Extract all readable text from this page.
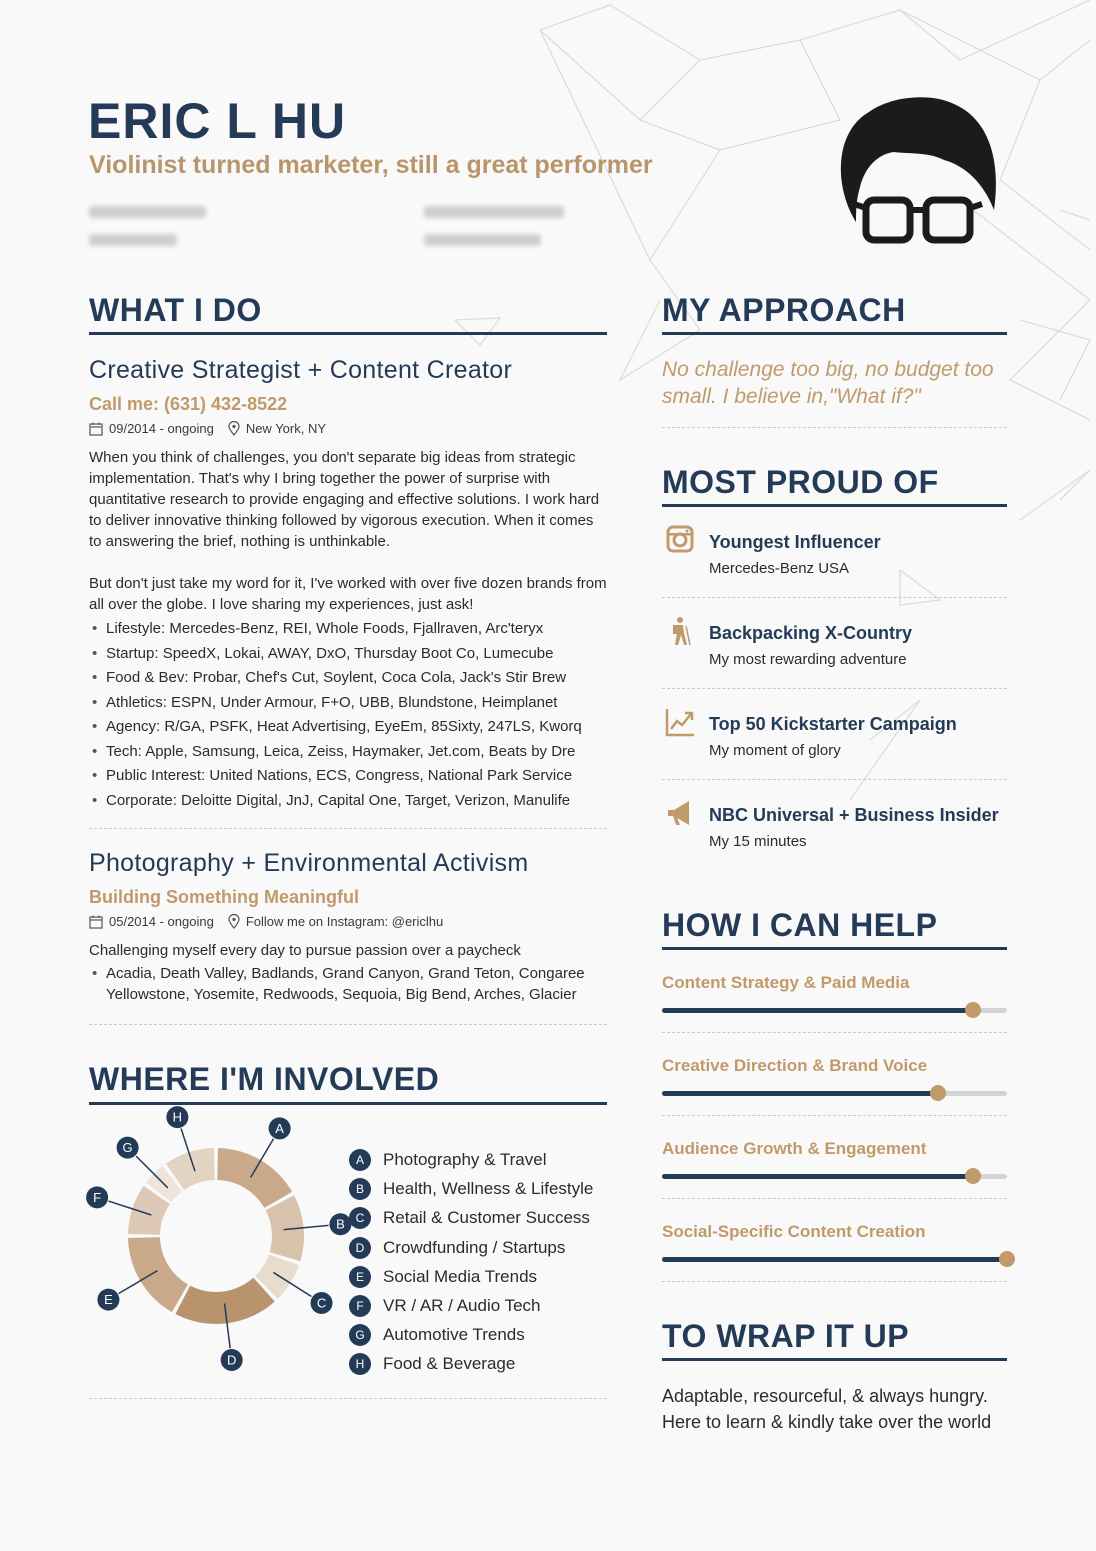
ERIC L HU
Violinist turned marketer, still a great performer
WHAT I DO
Creative Strategist + Content Creator
Call me: (631) 432-8522
09/2014 - ongoing New York, NY

When you think of challenges, you don't separate big ideas from strategic implementation. That's why I bring together the power of surprise with quantitative research to provide engaging and effective solutions. I work hard to deliver innovative thinking followed by vigorous execution. When it comes to answering the brief, nothing is unthinkable.

But don't just take my word for it, I've worked with over five dozen brands from all over the globe. I love sharing my experiences, just ask!

• Lifestyle: Mercedes-Benz, REI, Whole Foods, Fjallraven, Arc'teryx
• Startup: SpeedX, Lokai, AWAY, DxO, Thursday Boot Co, Lumecube
• Food & Bev: Probar, Chef's Cut, Soylent, Coca Cola, Jack's Stir Brew
• Athletics: ESPN, Under Armour, F+O, UBB, Blundstone, Heimplanet
• Agency: R/GA, PSFK, Heat Advertising, EyeEm, 85Sixty, 247LS, Kworq
• Tech: Apple, Samsung, Leica, Zeiss, Haymaker, Jet.com, Beats by Dre
• Public Interest: United Nations, ECS, Congress, National Park Service
• Corporate: Deloitte Digital, JnJ, Capital One, Target, Verizon, Manulife
Photography + Environmental Activism
Building Something Meaningful
05/2014 - ongoing Follow me on Instagram: @ericlhu

Challenging myself every day to pursue passion over a paycheck

• Acadia, Death Valley, Badlands, Grand Canyon, Grand Teton, Congaree
Yellowstone, Yosemite, Redwoods, Sequoia, Big Bend, Arches, Glacier
WHERE I'M INVOLVED
A
B
C
D
E
F
G
H
A	Photography & Travel
B	Health, Wellness & Lifestyle
C	Retail & Customer Success
D	Crowdfunding / Startups
E	Social Media Trends
F	VR / AR / Audio Tech
G	Automotive Trends
H	Food & Beverage
MY APPROACH
No challenge too big, no budget too small. I believe in,"What if?"
MOST PROUD OF
Youngest Influencer
Mercedes-Benz USA
Backpacking X-Country
My most rewarding adventure
Top 50 Kickstarter Campaign
My moment of glory
NBC Universal + Business Insider
My 15 minutes
HOW I CAN HELP
Content Strategy & Paid Media
Creative Direction & Brand Voice
Audience Growth & Engagement
Social-Specific Content Creation
TO WRAP IT UP

Adaptable, resourceful, & always hungry.
Here to learn & kindly take over the world
